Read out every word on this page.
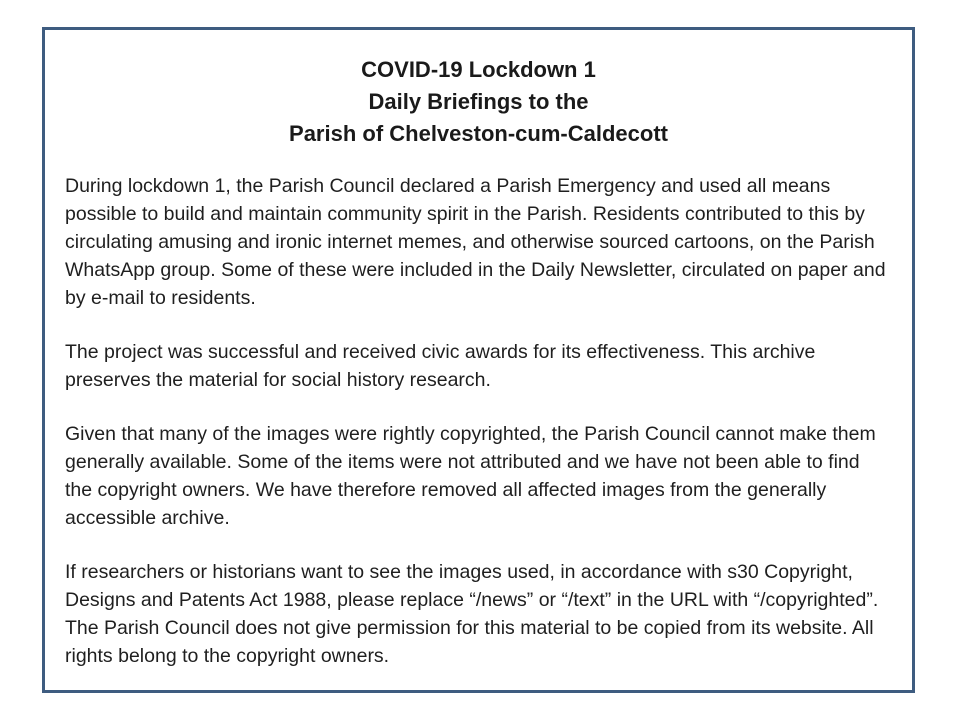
COVID-19 Lockdown 1
Daily Briefings to the
Parish of Chelveston-cum-Caldecott

During lockdown 1, the Parish Council declared a Parish Emergency and used all means possible to build and maintain community spirit in the Parish. Residents contributed to this by circulating amusing and ironic internet memes, and otherwise sourced cartoons, on the Parish WhatsApp group. Some of these were included in the Daily Newsletter, circulated on paper and by e-mail to residents.

The project was successful and received civic awards for its effectiveness. This archive preserves the material for social history research.

Given that many of the images were rightly copyrighted, the Parish Council cannot make them generally available. Some of the items were not attributed and we have not been able to find the copyright owners. We have therefore removed all affected images from the generally accessible archive.

If researchers or historians want to see the images used, in accordance with s30 Copyright, Designs and Patents Act 1988, please replace “/news” or “/text” in the URL with “/copyrighted”. The Parish Council does not give permission for this material to be copied from its website. All rights belong to the copyright owners.
